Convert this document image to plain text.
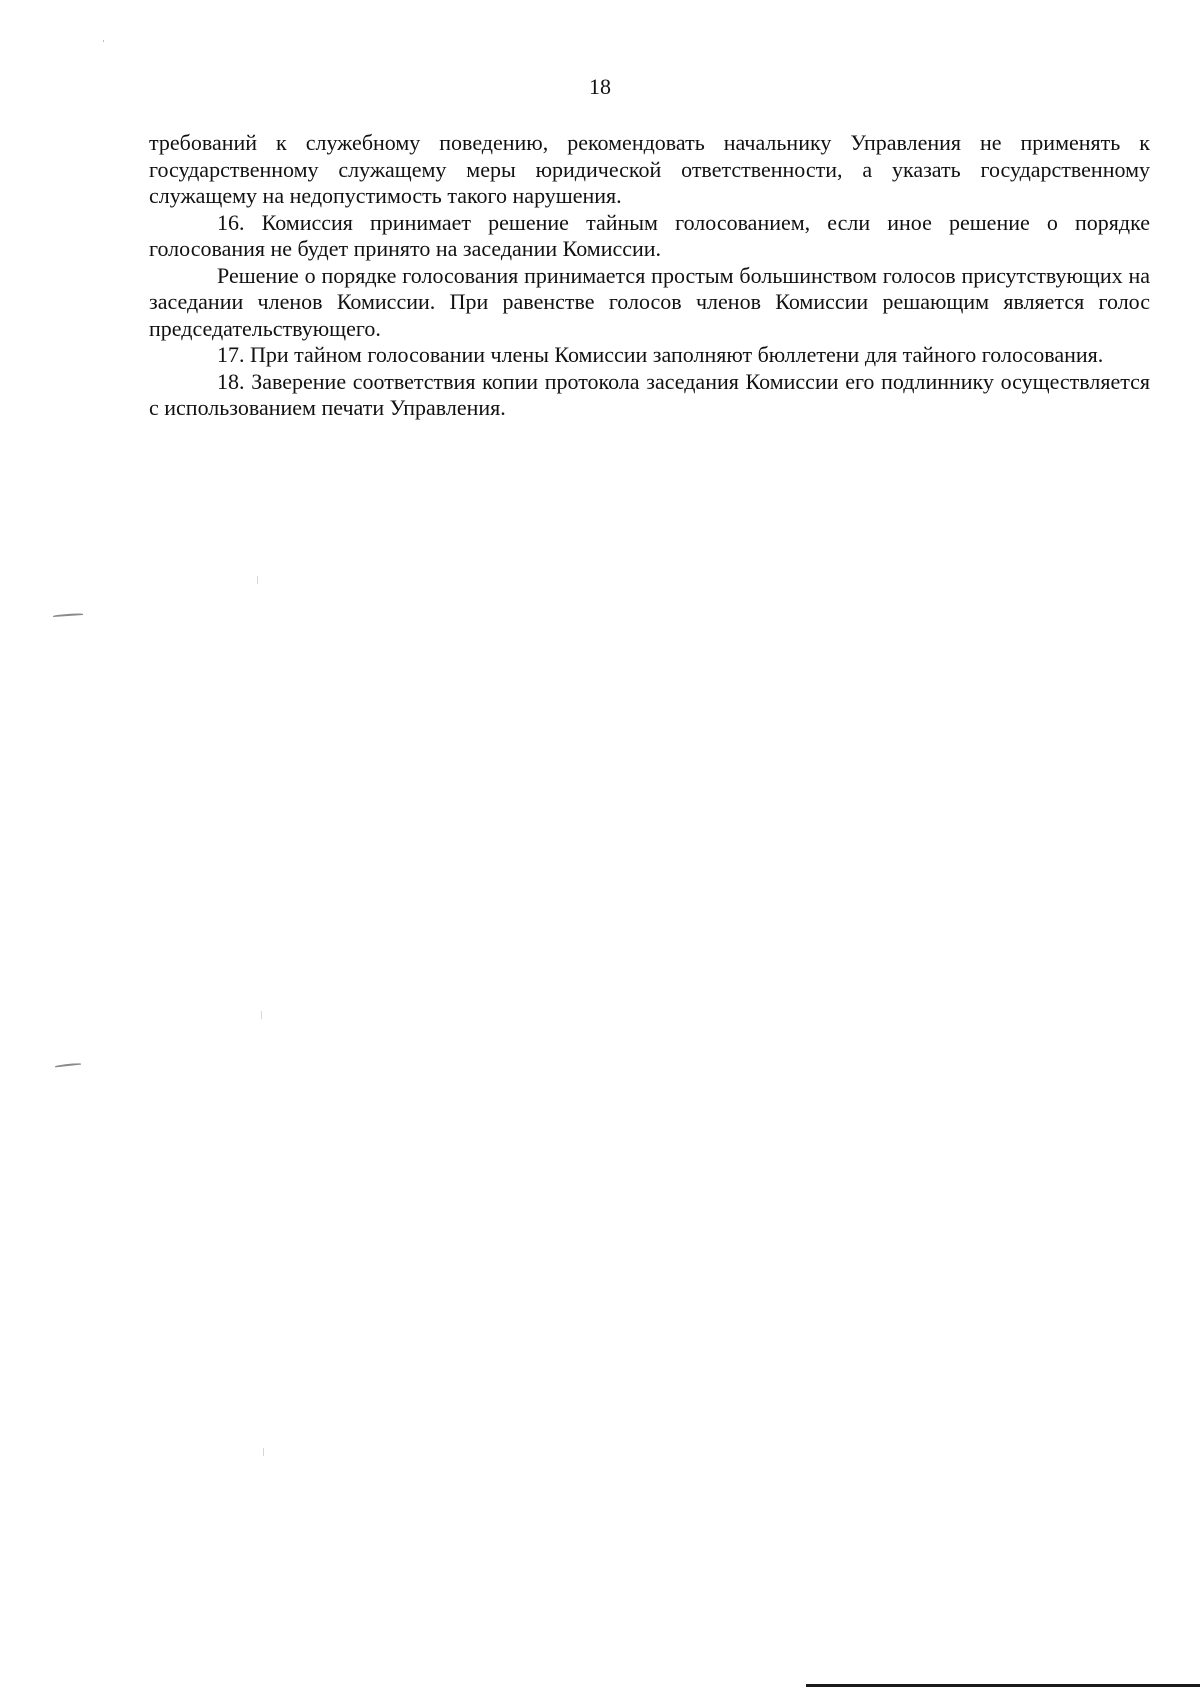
18

требований к служебному поведению, рекомендовать начальнику Управления не применять к государственному служащему меры юридической ответственности, а указать государственному служащему на недопустимость такого нарушения.

16. Комиссия принимает решение тайным голосованием, если иное решение о порядке голосования не будет принято на заседании Комиссии.

Решение о порядке голосования принимается простым большинством голосов присутствующих на заседании членов Комиссии. При равенстве голосов членов Комиссии решающим является голос председательствующего.

17. При тайном голосовании члены Комиссии заполняют бюллетени для тайного голосования.

18. Заверение соответствия копии протокола заседания Комиссии его подлиннику осуществляется с использованием печати Управления.
